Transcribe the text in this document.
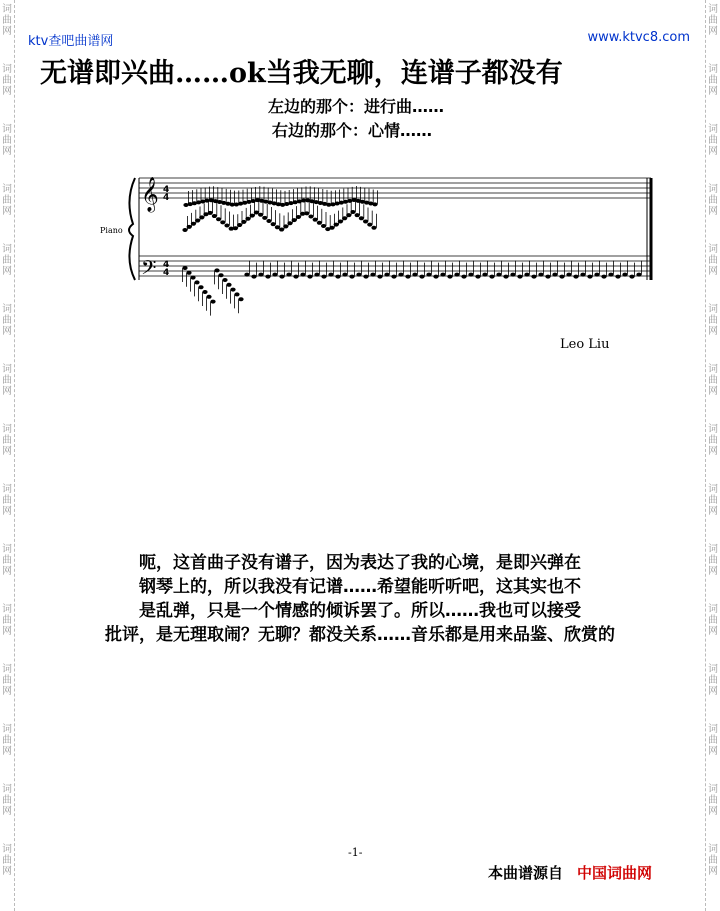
词
曲
网
词
曲
网
词
曲
网
词
曲
网
词
曲
网
词
曲
网
词
曲
网
词
曲
网
词
曲
网
词
曲
网
词
曲
网
词
曲
网
词
曲
网
词
曲
网
词
曲
网
词
曲
网
词
曲
网
词
曲
网
词
曲
网
词
曲
网
词
曲
网
词
曲
网
词
曲
网
词
曲
网
词
曲
网
词
曲
网
词
曲
网
词
曲
网
词
曲
网
词
曲
网
ktv查吧曲谱网	www.ktvc8.com
无谱即兴曲……ok当我无聊，连谱子都没有
左边的那个：进行曲……
右边的那个：心情……
Piano
𝄞
𝄢
4
4
4
4
Leo Liu
呃，这首曲子没有谱子，因为表达了我的心境，是即兴弹在
钢琴上的，所以我没有记谱……希望能听听吧，这其实也不
是乱弹，只是一个情感的倾诉罢了。所以……我也可以接受
批评，是无理取闹？无聊？都没关系……音乐都是用来品鉴、欣赏的
-1-
本曲谱源自 中国词曲网
